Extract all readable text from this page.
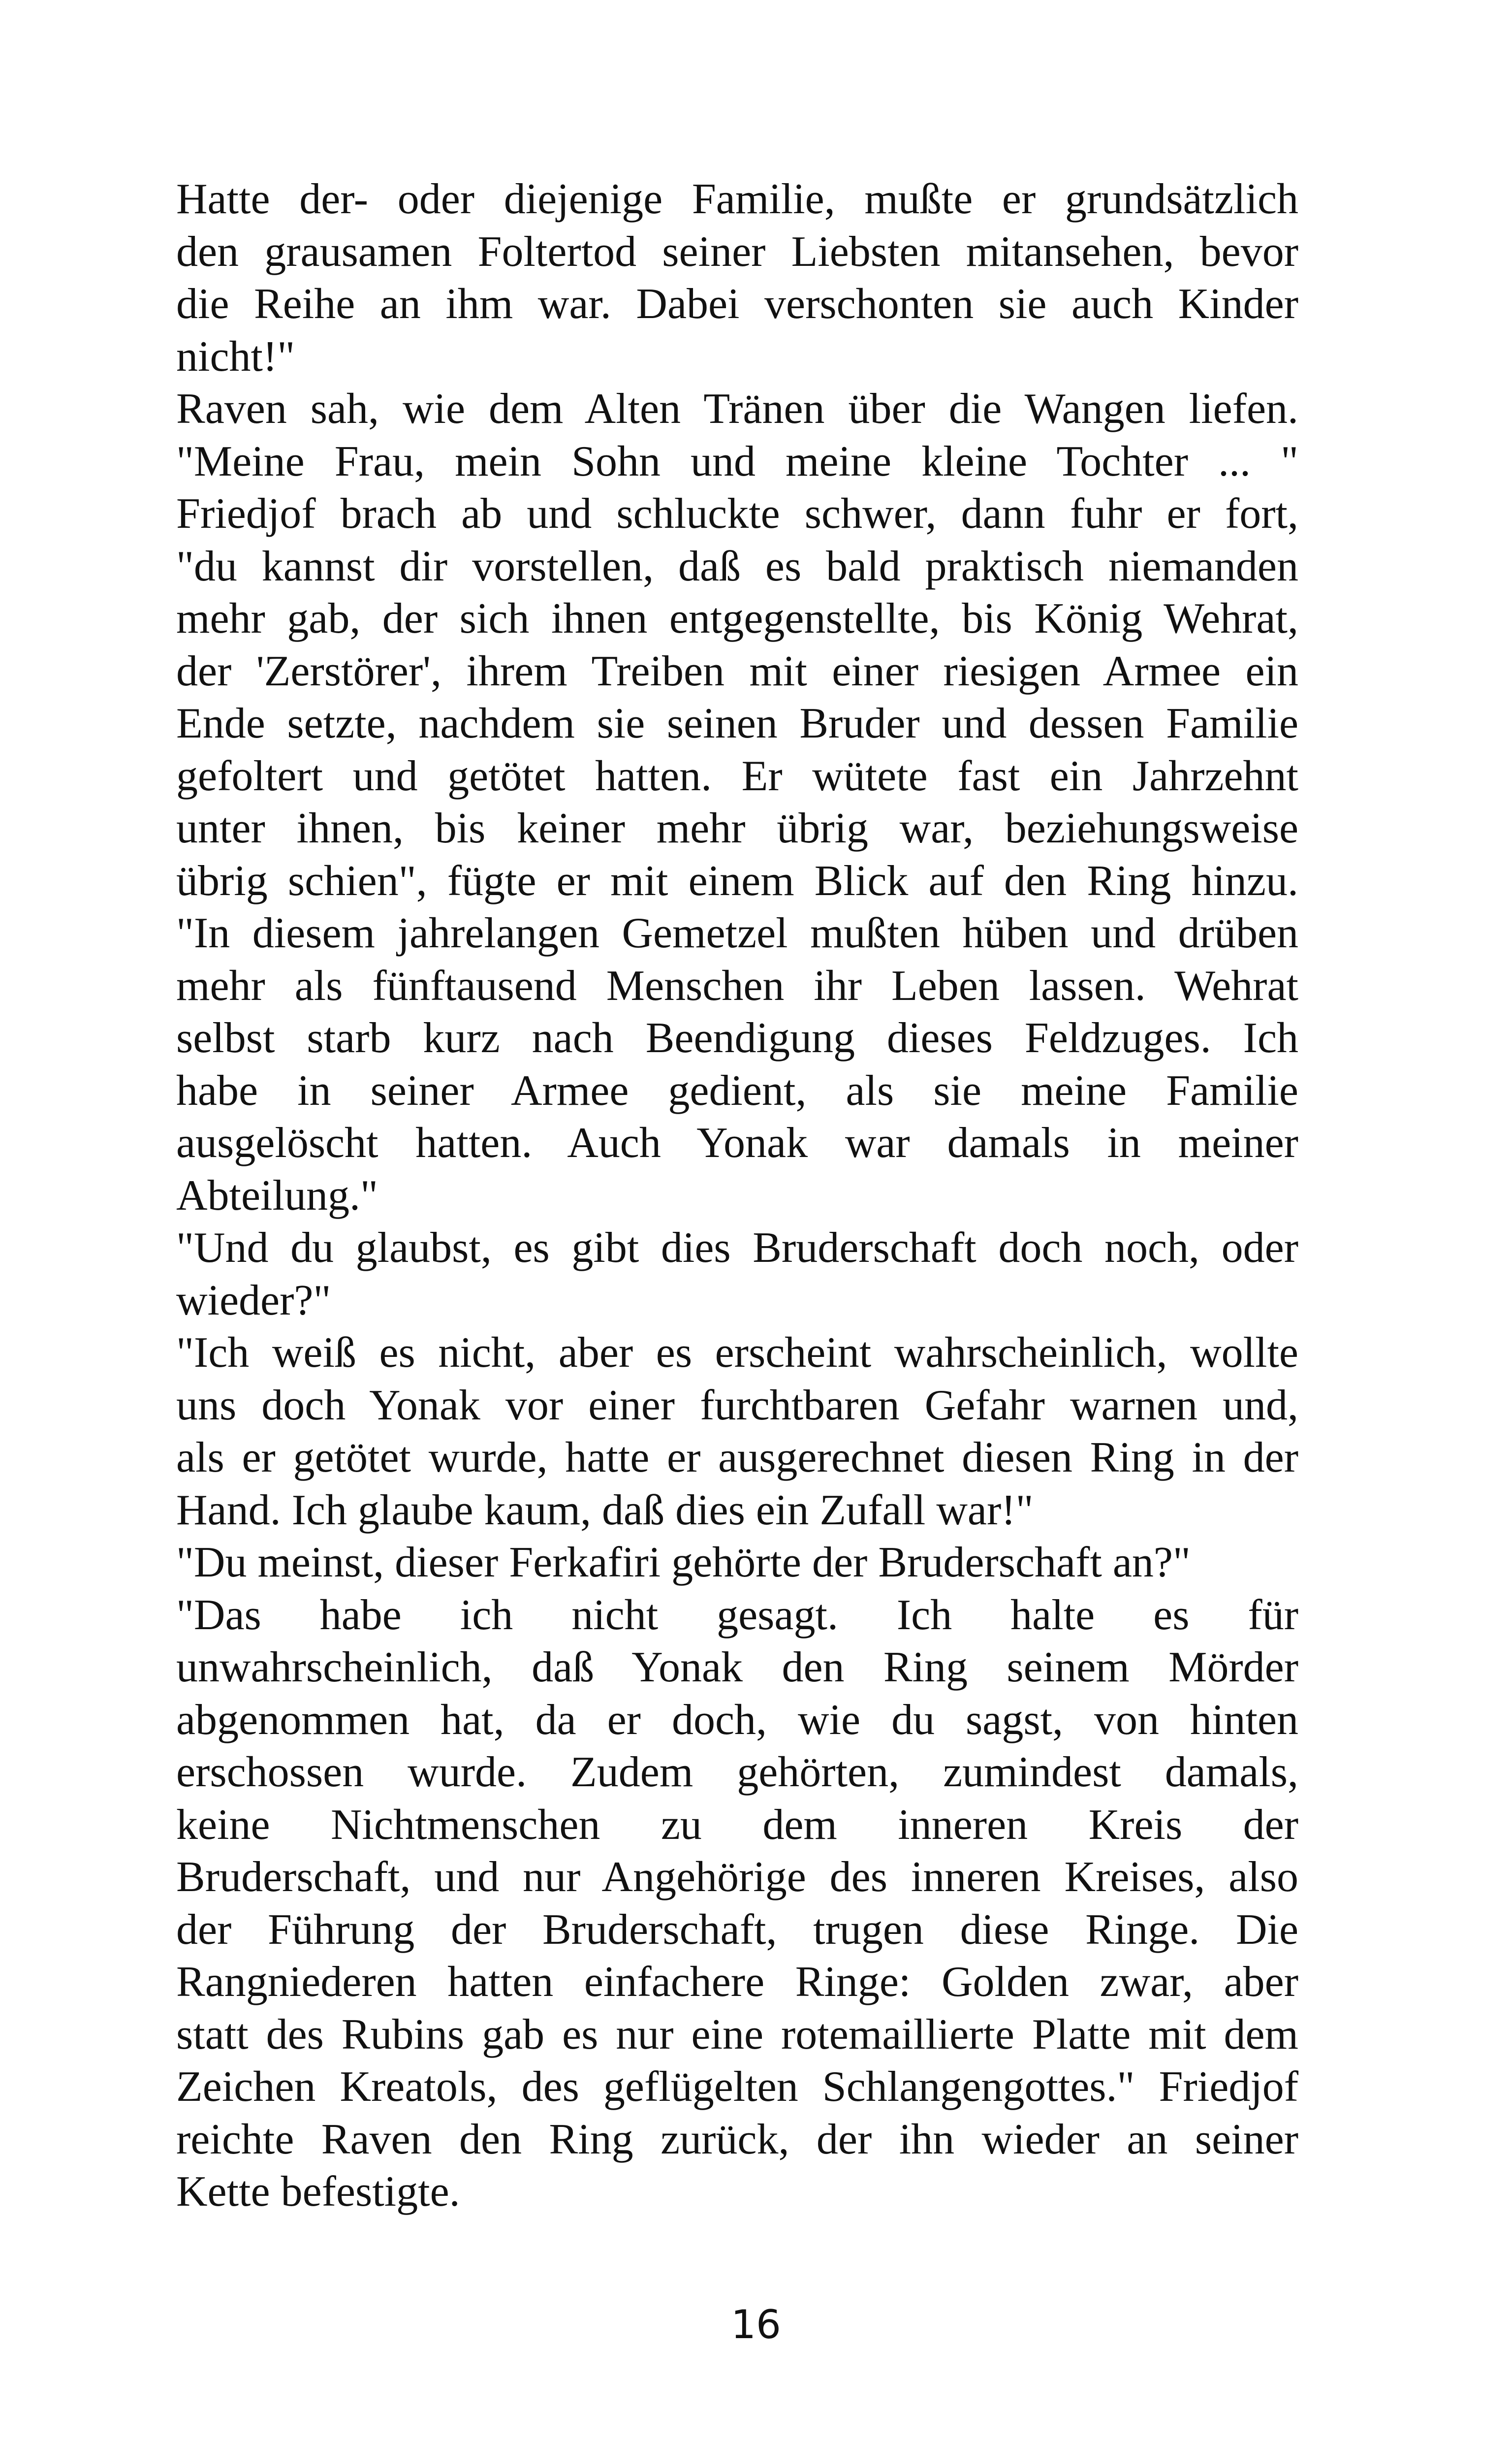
Hatte der- oder diejenige Familie, mußte er grundsätzlich
den grausamen Foltertod seiner Liebsten mitansehen, bevor
die Reihe an ihm war. Dabei verschonten sie auch Kinder
nicht!"
Raven sah, wie dem Alten Tränen über die Wangen liefen.
"Meine Frau, mein Sohn und meine kleine Tochter ... "
Friedjof brach ab und schluckte schwer, dann fuhr er fort,
"du kannst dir vorstellen, daß es bald praktisch niemanden
mehr gab, der sich ihnen entgegenstellte, bis König Wehrat,
der 'Zerstörer', ihrem Treiben mit einer riesigen Armee ein
Ende setzte, nachdem sie seinen Bruder und dessen Familie
gefoltert und getötet hatten. Er wütete fast ein Jahrzehnt
unter ihnen, bis keiner mehr übrig war, beziehungsweise
übrig schien", fügte er mit einem Blick auf den Ring hinzu.
"In diesem jahrelangen Gemetzel mußten hüben und drüben
mehr als fünftausend Menschen ihr Leben lassen. Wehrat
selbst starb kurz nach Beendigung dieses Feldzuges. Ich
habe in seiner Armee gedient, als sie meine Familie
ausgelöscht hatten. Auch Yonak war damals in meiner
Abteilung."
"Und du glaubst, es gibt dies Bruderschaft doch noch, oder
wieder?"
"Ich weiß es nicht, aber es erscheint wahrscheinlich, wollte
uns doch Yonak vor einer furchtbaren Gefahr warnen und,
als er getötet wurde, hatte er ausgerechnet diesen Ring in der
Hand. Ich glaube kaum, daß dies ein Zufall war!"
"Du meinst, dieser Ferkafiri gehörte der Bruderschaft an?"
"Das habe ich nicht gesagt. Ich halte es für
unwahrscheinlich, daß Yonak den Ring seinem Mörder
abgenommen hat, da er doch, wie du sagst, von hinten
erschossen wurde. Zudem gehörten, zumindest damals,
keine Nichtmenschen zu dem inneren Kreis der
Bruderschaft, und nur Angehörige des inneren Kreises, also
der Führung der Bruderschaft, trugen diese Ringe. Die
Rangniederen hatten einfachere Ringe: Golden zwar, aber
statt des Rubins gab es nur eine rotemaillierte Platte mit dem
Zeichen Kreatols, des geflügelten Schlangengottes." Friedjof
reichte Raven den Ring zurück, der ihn wieder an seiner
Kette befestigte.
16
